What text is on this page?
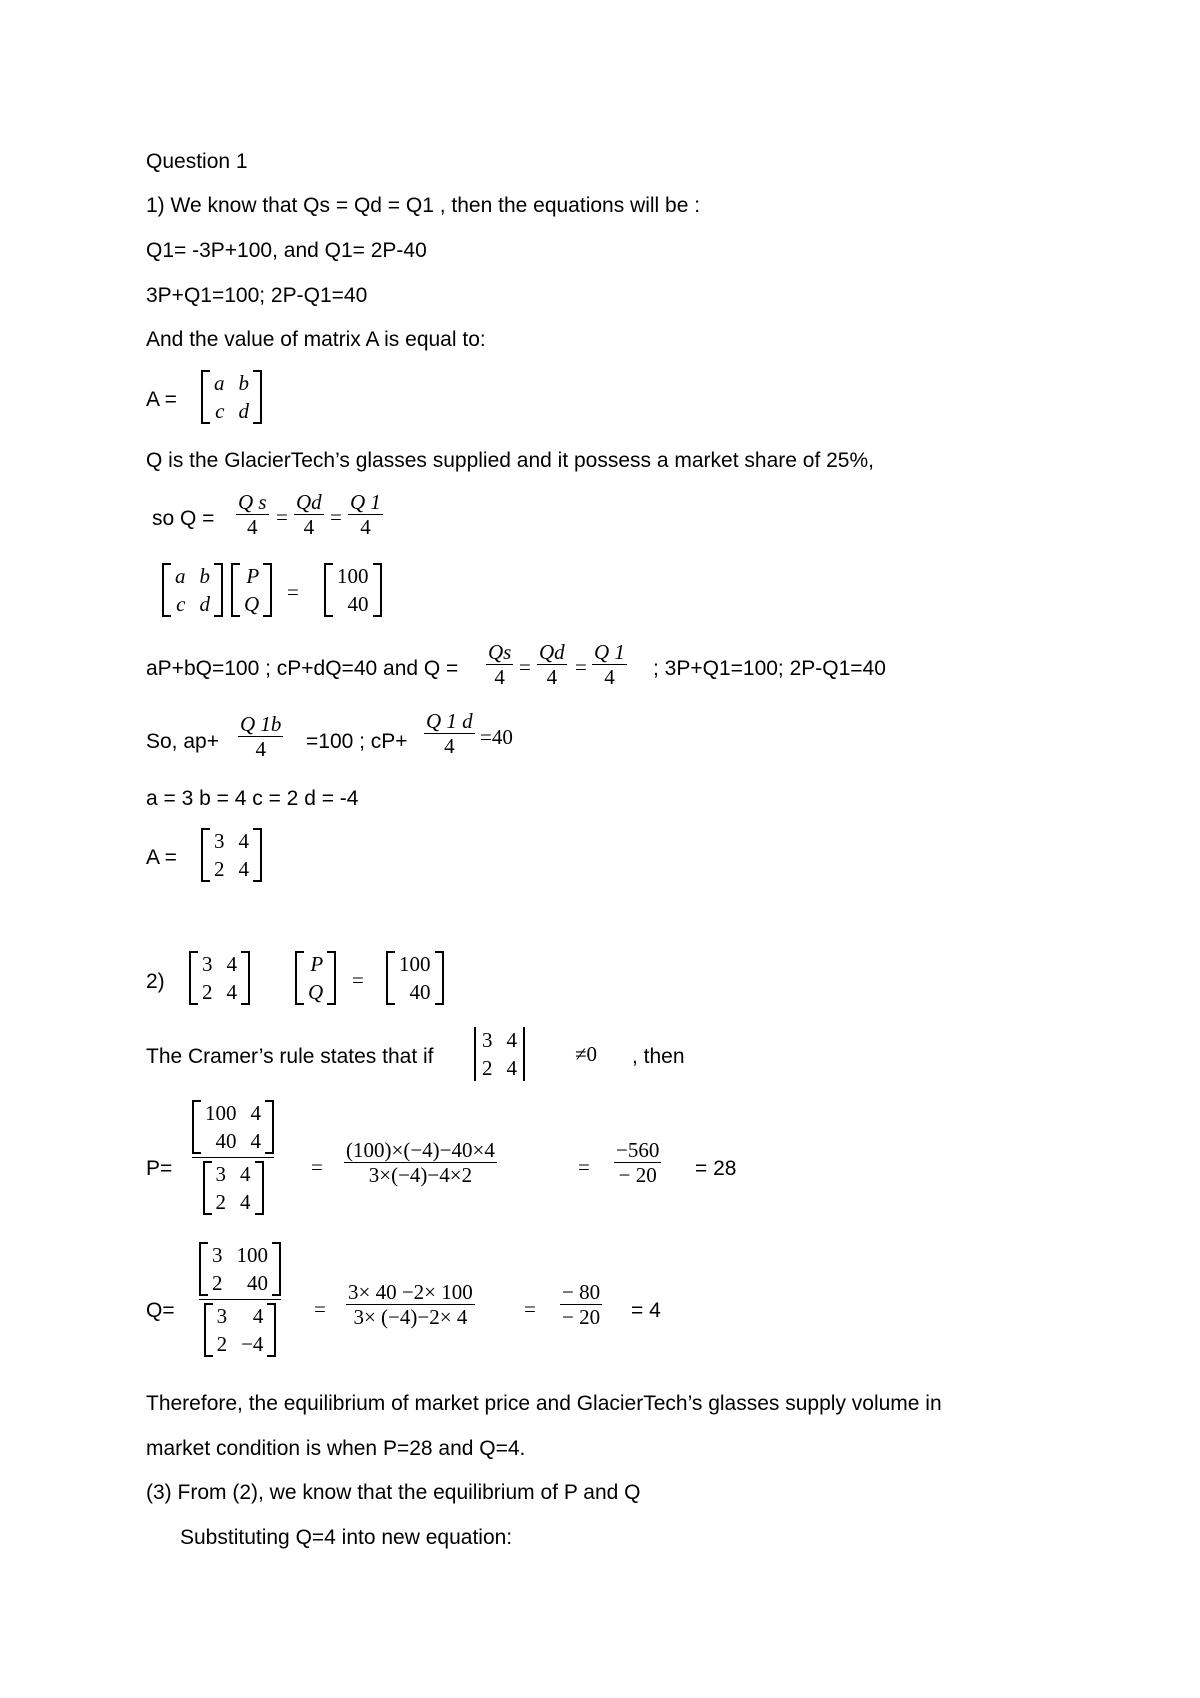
Question 1
1) We know that Qs = Qd = Q1 , then the equations will be :
Q1= -3P+100, and Q1= 2P-40
3P+Q1=100; 2P-Q1=40
And the value of matrix A is equal to:
A =
a b
c d
Q is the GlacierTech’s glasses supplied and it possess a market share of 25%,
so Q =
Q s
4 =
Qd
4 =
Q 1
4
a b
c d
P
Q =
100
40
aP+bQ=100 ; cP+dQ=40 and Q =
Qs
4 =
Qd
4 =
Q 1
4 ; 3P+Q1=100; 2P-Q1=40
So, ap+
Q 1b
4 =100 ; cP+
Q 1 d
4 =40
a = 3 b = 4 c = 2 d = -4
A =
3 4
2 4
2)
3 4
2 4
P
Q =
100
40
The Cramer’s rule states that if
3 4
2 4
≠0 , then
P=
100 4
40 4
3 4
2 4
=
(100)×(−4)−40×4
3×(−4)−4×2	=
−560
− 20 = 28
Q=
3 100
2	40
3	4
2 −4
=
3× 40 −2× 100
3× (−4)−2× 4	=
− 80
− 20 = 4
Therefore, the equilibrium of market price and GlacierTech’s glasses supply volume in
market condition is when P=28 and Q=4.
(3) From (2), we know that the equilibrium of P and Q
Substituting Q=4 into new equation:
